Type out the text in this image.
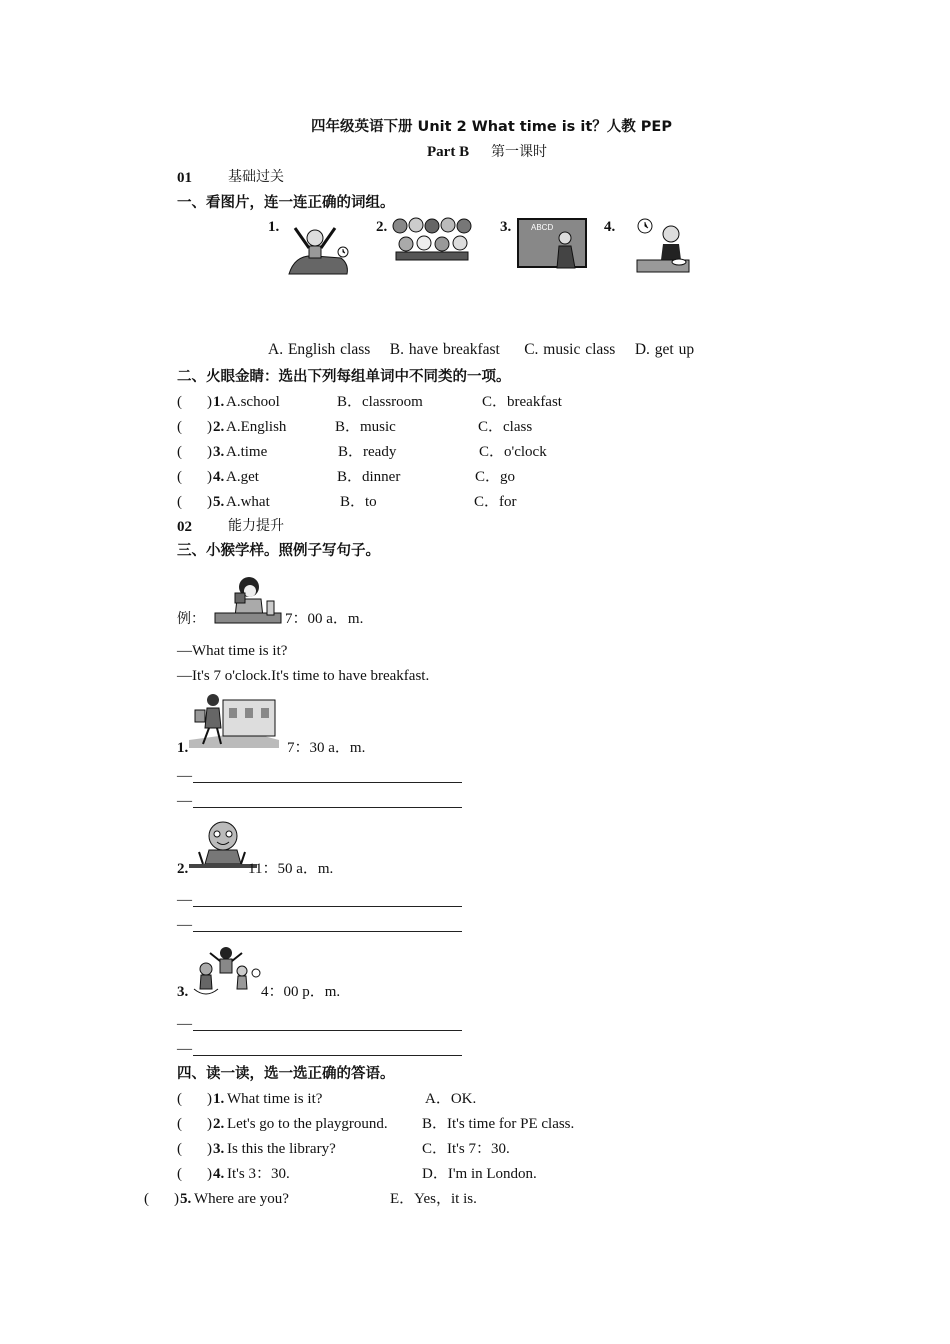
四年级英语下册 Unit 2 What time is it？人教 PEP
Part B 第一课时
01	基础过关
一、看图片，连一连正确的词组。
1.	2.	3.	4.
ABCD
A. English class    B. have breakfast     C. music class    D. get up
二、火眼金睛：选出下列每组单词中不同类的一项。
( ) 1. A.school	B．classroom	C．breakfast
( ) 2. A.English	B．music	C．class
( ) 3. A.time	B．ready	C．o'clock
( ) 4. A.get	B．dinner	C．go
( ) 5. A.what	B．to	C．for
02	能力提升
三、小猴学样。照例子写句子。
例：	7：00 a．m.
—What time is it?
—It's 7 o'clock.It's time to have breakfast.
1.	7：30 a．m.
—
—
2.	11：50 a．m.
—
—
3.	4：00 p．m.
—
—
四、读一读，选一选正确的答语。
( ) 1. What time is it?	A．OK.
( ) 2. Let's go to the playground. B．It's time for PE class.
( ) 3. Is this the library?	C．It's 7：30.
( ) 4. It's 3：30.	D．I'm in London.
( ) 5. Where are you?	E．Yes，it is.
